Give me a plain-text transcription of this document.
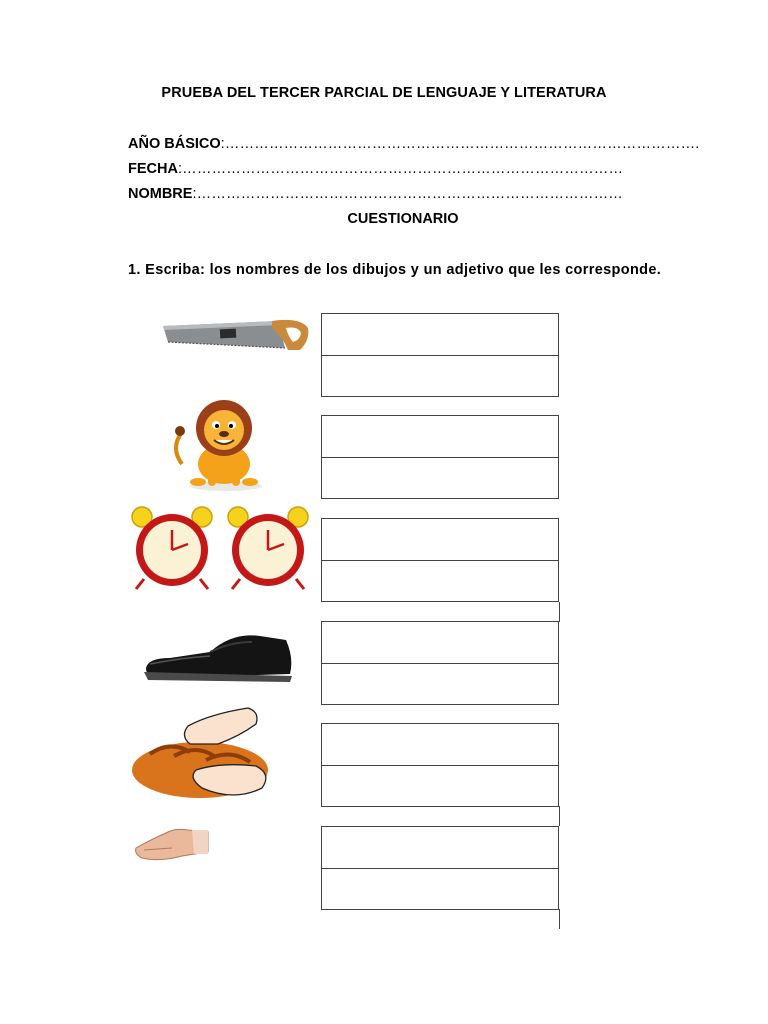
PRUEBA DEL TERCER PARCIAL DE LENGUAJE Y LITERATURA
AÑO BÁSICO:…………………………………………………………………………………….
FECHA:………………………………………………………………………………
NOMBRE:……………………………………………………………………………
CUESTIONARIO
1. Escriba: los nombres de los dibujos y un adjetivo que les corresponde.
